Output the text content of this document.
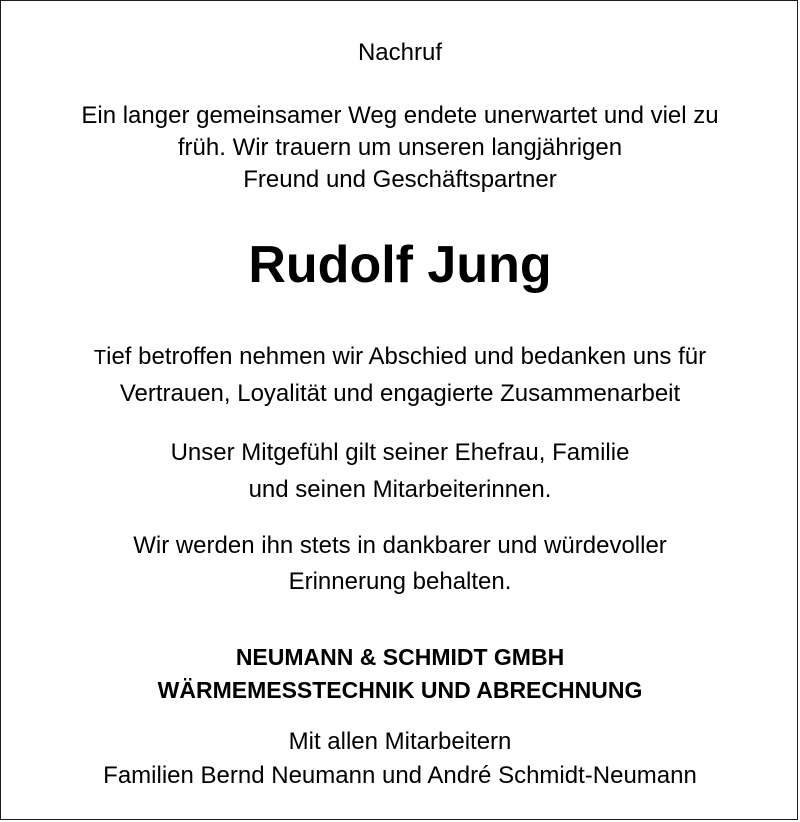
Nachruf
Ein langer gemeinsamer Weg endete unerwartet und viel zu
früh. Wir trauern um unseren langjährigen
Freund und Geschäftspartner
Rudolf Jung
Tief betroffen nehmen wir Abschied und bedanken uns für
Vertrauen, Loyalität und engagierte Zusammenarbeit
Unser Mitgefühl gilt seiner Ehefrau, Familie
und seinen Mitarbeiterinnen.
Wir werden ihn stets in dankbarer und würdevoller
Erinnerung behalten.
NEUMANN & SCHMIDT GMBH
WÄRMEMESSTECHNIK UND ABRECHNUNG
Mit allen Mitarbeitern
Familien Bernd Neumann und André Schmidt-Neumann
